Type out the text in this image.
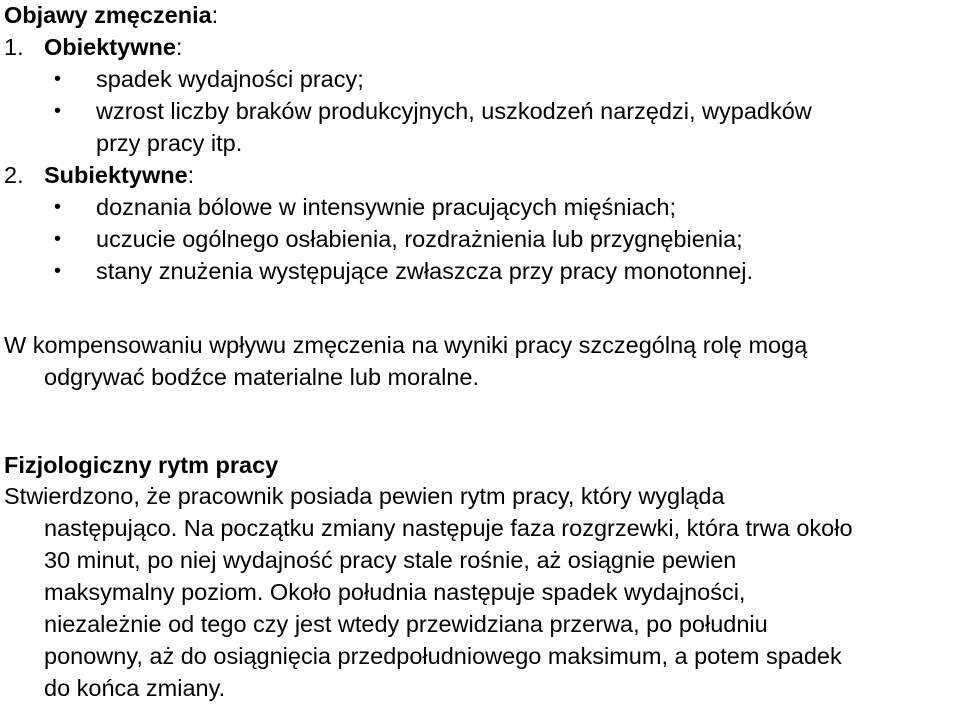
Objawy zmęczenia:
1. Obiektywne:
• spadek wydajności pracy;
• wzrost liczby braków produkcyjnych, uszkodzeń narzędzi, wypadków
przy pracy itp.
2. Subiektywne:
• doznania bólowe w intensywnie pracujących mięśniach;
• uczucie ogólnego osłabienia, rozdrażnienia lub przygnębienia;
• stany znużenia występujące zwłaszcza przy pracy monotonnej.
W kompensowaniu wpływu zmęczenia na wyniki pracy szczególną rolę mogą
odgrywać bodźce materialne lub moralne.
Fizjologiczny rytm pracy
Stwierdzono, że pracownik posiada pewien rytm pracy, który wygląda
następująco. Na początku zmiany następuje faza rozgrzewki, która trwa około
30 minut, po niej wydajność pracy stale rośnie, aż osiągnie pewien
maksymalny poziom. Około południa następuje spadek wydajności,
niezależnie od tego czy jest wtedy przewidziana przerwa, po południu
ponowny, aż do osiągnięcia przedpołudniowego maksimum, a potem spadek
do końca zmiany.
